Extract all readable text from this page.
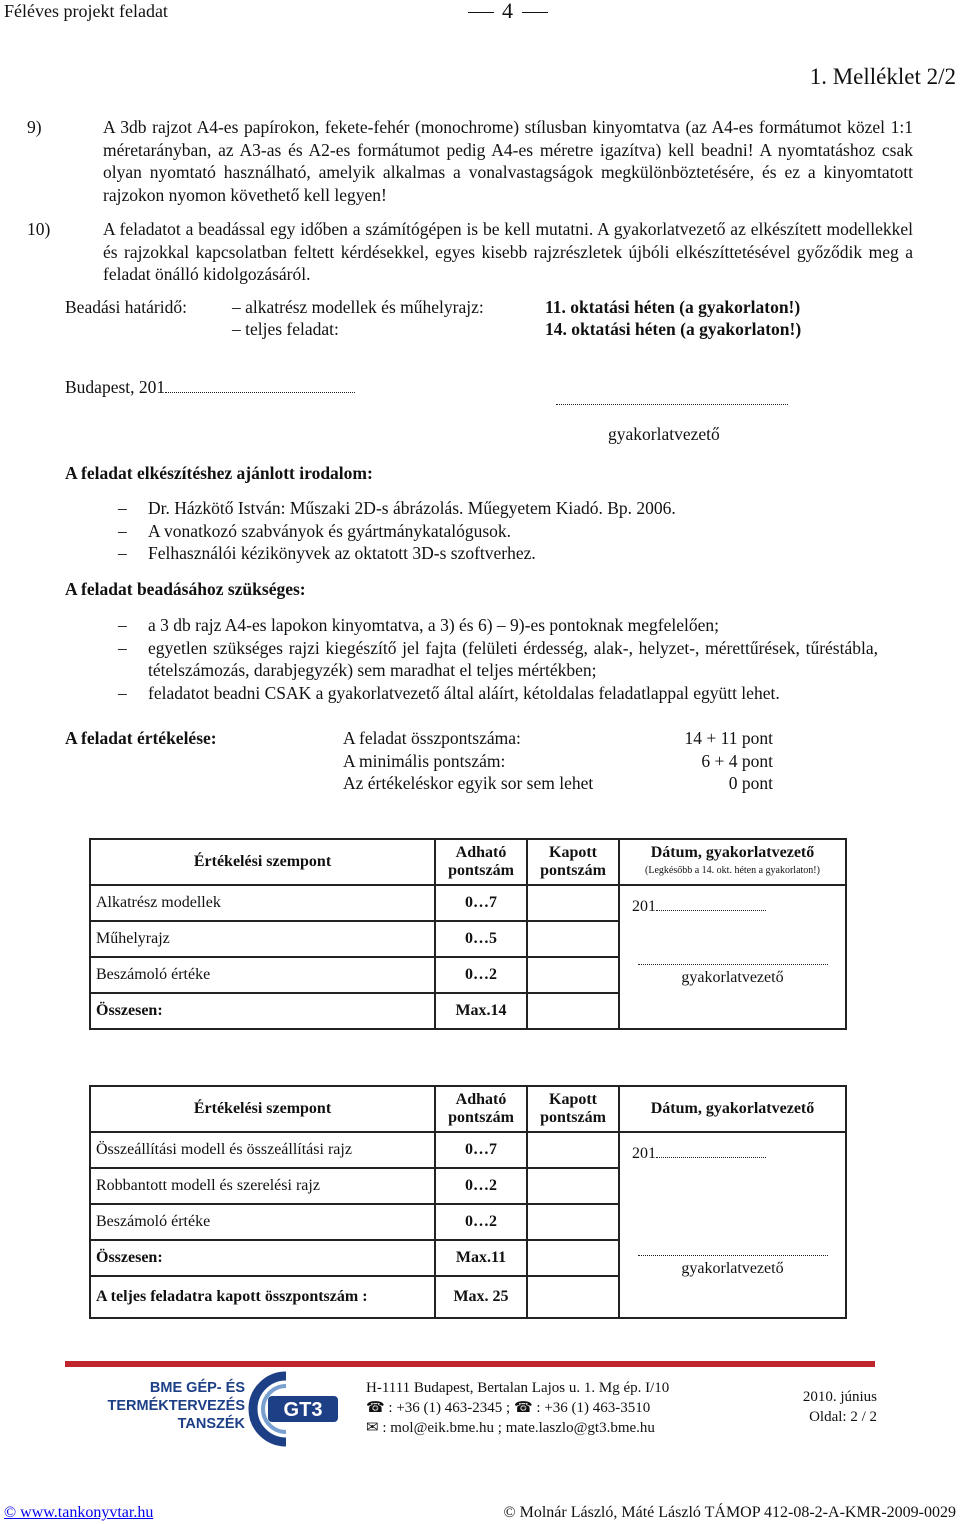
Féléves projekt feladat	4
1. Melléklet 2/2
9)	A 3db rajzot A4-es papírokon, fekete-fehér (monochrome) stílusban kinyomtatva (az A4-es formátumot közel 1:1 méretarányban, az A3-as és A2-es formátumot pedig A4-es méretre igazítva) kell beadni! A nyomtatáshoz csak olyan nyomtató használható, amelyik alkalmas a vonalvastagságok megkülönböztetésére, és ez a kinyomtatott rajzokon nyomon követhető kell legyen!
10)	A feladatot a beadással egy időben a számítógépen is be kell mutatni. A gyakorlatvezető az elkészített modellekkel és rajzokkal kapcsolatban feltett kérdésekkel, egyes kisebb rajzrészletek újbóli elkészíttetésével győződik meg a feladat önálló kidolgozásáról.
Beadási határidő:	– alkatrész modellek és műhelyrajz:	11. oktatási héten (a gyakorlaton!)
– teljes feladat:	14. oktatási héten (a gyakorlaton!)
Budapest, 201
gyakorlatvezető
A feladat elkészítéshez ajánlott irodalom:
– Dr. Házkötő István: Műszaki 2D-s ábrázolás. Műegyetem Kiadó. Bp. 2006.
– A vonatkozó szabványok és gyártmánykatalógusok.
– Felhasználói kézikönyvek az oktatott 3D-s szoftverhez.
A feladat beadásához szükséges:
– a 3 db rajz A4-es lapokon kinyomtatva, a 3) és 6) – 9)-es pontoknak megfelelően;
– egyetlen szükséges rajzi kiegészítő jel fajta (felületi érdesség, alak-, helyzet-, mérettűrések, tűréstábla, tételszámozás, darabjegyzék) sem maradhat el teljes mértékben;
– feladatot beadni CSAK a gyakorlatvezető által aláírt, kétoldalas feladatlappal együtt lehet.
A feladat értékelése:	A feladat összpontszáma:	14 + 11 pont
A minimális pontszám:	6 + 4 pont
Az értékeléskor egyik sor sem lehet	0 pont
Értékelési szempont	Adható pontszám	Kapott pontszám	Dátum, gyakorlatvezető
(Legkésőbb a 14. okt. héten a gyakorlaton!)
Alkatrész modellek	0…7		201
gyakorlatvezető

Műhelyrajz	0…5		
Beszámoló értéke	0…2		
Összesen:	Max.14		
Értékelési szempont	Adható pontszám	Kapott pontszám	Dátum, gyakorlatvezető
Összeállítási modell és összeállítási rajz	0…7		201
gyakorlatvezető

Robbantott modell és szerelési rajz	0…2		
Beszámoló értéke	0…2		
Összesen:	Max.11		
A teljes feladatra kapott összpontszám :	Max. 25		
BME GÉP- ÉS
TERMÉKTERVEZÉS
TANSZÉK
GT3
H-1111 Budapest, Bertalan Lajos u. 1. Mg ép. I/10
☎ : +36 (1) 463-2345 ; ☎ : +36 (1) 463-3510
✉ : mol@eik.bme.hu ; mate.laszlo@gt3.bme.hu
2010. június
Oldal: 2 / 2
© www.tankonyvtar.hu	© Molnár László, Máté László TÁMOP 412-08-2-A-KMR-2009-0029
